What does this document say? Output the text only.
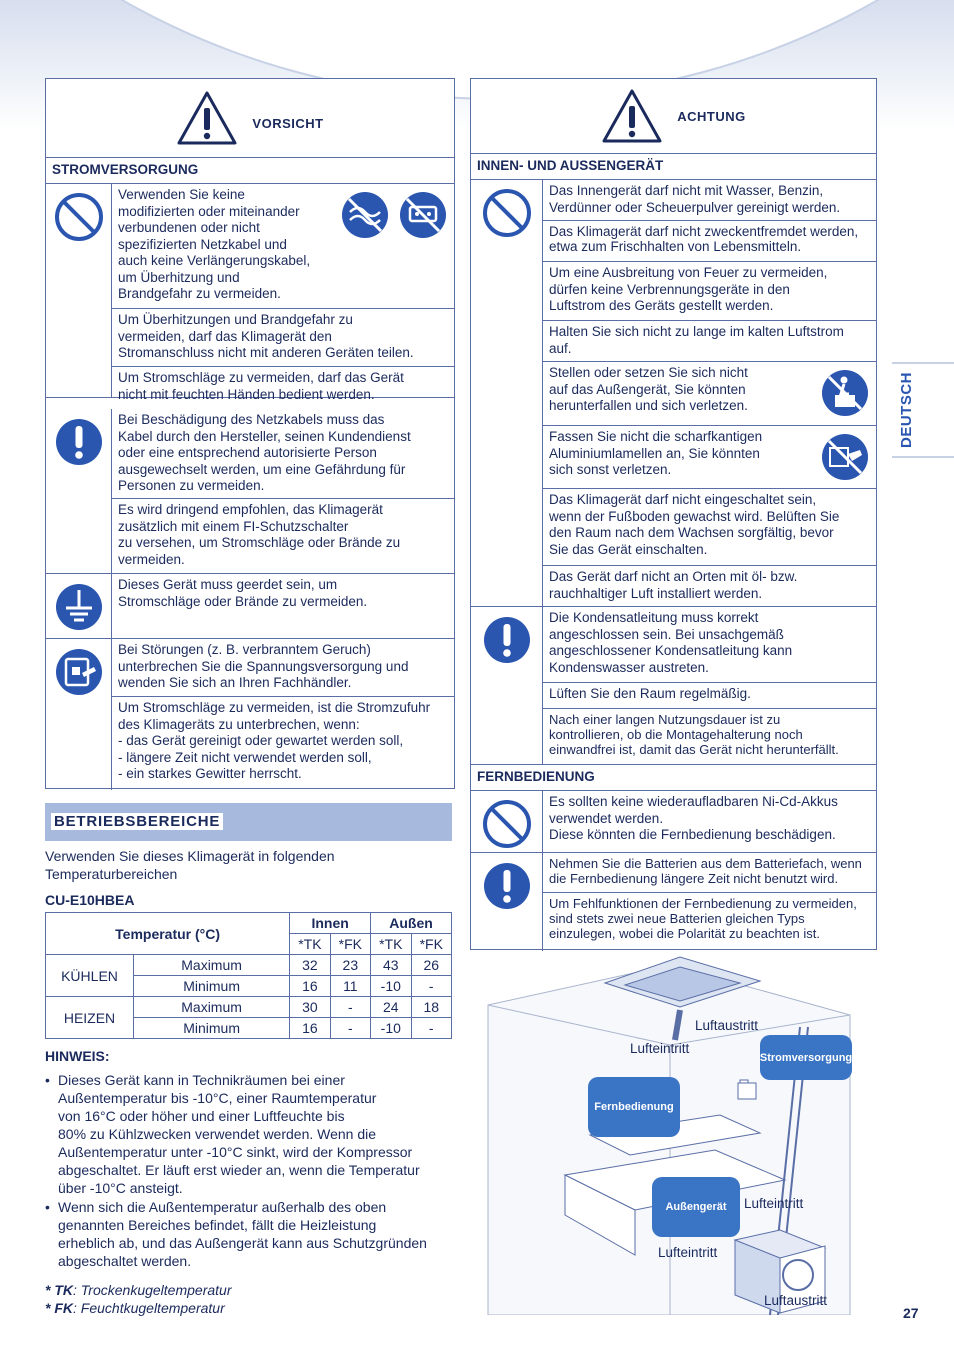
VORSICHT
STROMVERSORGUNG
Verwenden Sie keine
modifizierten oder miteinander
verbundenen oder nicht
spezifizierten Netzkabel und
auch keine Verlängerungskabel,
um Überhitzung und
Brandgefahr zu vermeiden.
Um Überhitzungen und Brandgefahr zu
vermeiden, darf das Klimagerät den
Stromanschluss nicht mit anderen Geräten teilen.
Um Stromschläge zu vermeiden, darf das Gerät
nicht mit feuchten Händen bedient werden.
Bei Beschädigung des Netzkabels muss das
Kabel durch den Hersteller, seinen Kundendienst
oder eine entsprechend autorisierte Person
ausgewechselt werden, um eine Gefährdung für
Personen zu vermeiden.
Es wird dringend empfohlen, das Klimagerät
zusätzlich mit einem FI-Schutzschalter
zu versehen, um Stromschläge oder Brände zu
vermeiden.
Dieses Gerät muss geerdet sein, um
Stromschläge oder Brände zu vermeiden.
Bei Störungen (z. B. verbranntem Geruch)
unterbrechen Sie die Spannungsversorgung und
wenden Sie sich an Ihren Fachhändler.
Um Stromschläge zu vermeiden, ist die Stromzufuhr
des Klimageräts zu unterbrechen, wenn:
- das Gerät gereinigt oder gewartet werden soll,
- längere Zeit nicht verwendet werden soll,
- ein starkes Gewitter herrscht.
BETRIEBSBEREICHE
Verwenden Sie dieses Klimagerät in folgenden
Temperaturbereichen
CU-E10HBEA
Temperatur (°C)		Innen		Außen	
		*TK	*FK	*TK	*FK
KÜHLEN	Maximum	32	23	43	26
	Minimum	16	11	-10	-
HEIZEN	Maximum	30	-	24	18
	Minimum	16	-	-10	-
HINWEIS:
• Dieses Gerät kann in Technikräumen bei einer
Außentemperatur bis -10°C, einer Raumtemperatur
von 16°C oder höher und einer Luftfeuchte bis
80% zu Kühlzwecken verwendet werden. Wenn die
Außentemperatur unter -10°C sinkt, wird der Kompressor
abgeschaltet. Er läuft erst wieder an, wenn die Temperatur
über -10°C ansteigt.
• Wenn sich die Außentemperatur außerhalb des oben
genannten Bereiches befindet, fällt die Heizleistung
erheblich ab, und das Außengerät kann aus Schutzgründen
abgeschaltet werden.
* TK: Trockenkugeltemperatur
* FK: Feuchtkugeltemperatur
ACHTUNG
INNEN- UND AUSSENGERÄT
Das Innengerät darf nicht mit Wasser, Benzin,
Verdünner oder Scheuerpulver gereinigt werden.
Das Klimagerät darf nicht zweckentfremdet werden,
etwa zum Frischhalten von Lebensmitteln.
Um eine Ausbreitung von Feuer zu vermeiden,
dürfen keine Verbrennungsgeräte in den
Luftstrom des Geräts gestellt werden.
Halten Sie sich nicht zu lange im kalten Luftstrom
auf.
Stellen oder setzen Sie sich nicht
auf das Außengerät, Sie könnten
herunterfallen und sich verletzen.
Fassen Sie nicht die scharfkantigen
Aluminiumlamellen an, Sie könnten
sich sonst verletzen.
Das Klimagerät darf nicht eingeschaltet sein,
wenn der Fußboden gewachst wird. Belüften Sie
den Raum nach dem Wachsen sorgfältig, bevor
Sie das Gerät einschalten.
Das Gerät darf nicht an Orten mit öl- bzw.
rauchhaltiger Luft installiert werden.
Die Kondensatleitung muss korrekt
angeschlossen sein. Bei unsachgemäß
angeschlossener Kondensatleitung kann
Kondenswasser austreten.
Lüften Sie den Raum regelmäßig.
Nach einer langen Nutzungsdauer ist zu
kontrollieren, ob die Montagehalterung noch
einwandfrei ist, damit das Gerät nicht herunterfällt.
FERNBEDIENUNG
Es sollten keine wiederaufladbaren Ni-Cd-Akkus
verwendet werden.
Diese könnten die Fernbedienung beschädigen.
Nehmen Sie die Batterien aus dem Batteriefach, wenn
die Fernbedienung längere Zeit nicht benutzt wird.
Um Fehlfunktionen der Fernbedienung zu vermeiden,
sind stets zwei neue Batterien gleichen Typs
einzulegen, wobei die Polarität zu beachten ist.
Luftaustritt
Lufteintritt
Stromversorgung
Fernbedienung
Außengerät	Lufteintritt
Lufteintritt
Luftaustritt
DEUTSCH
27
